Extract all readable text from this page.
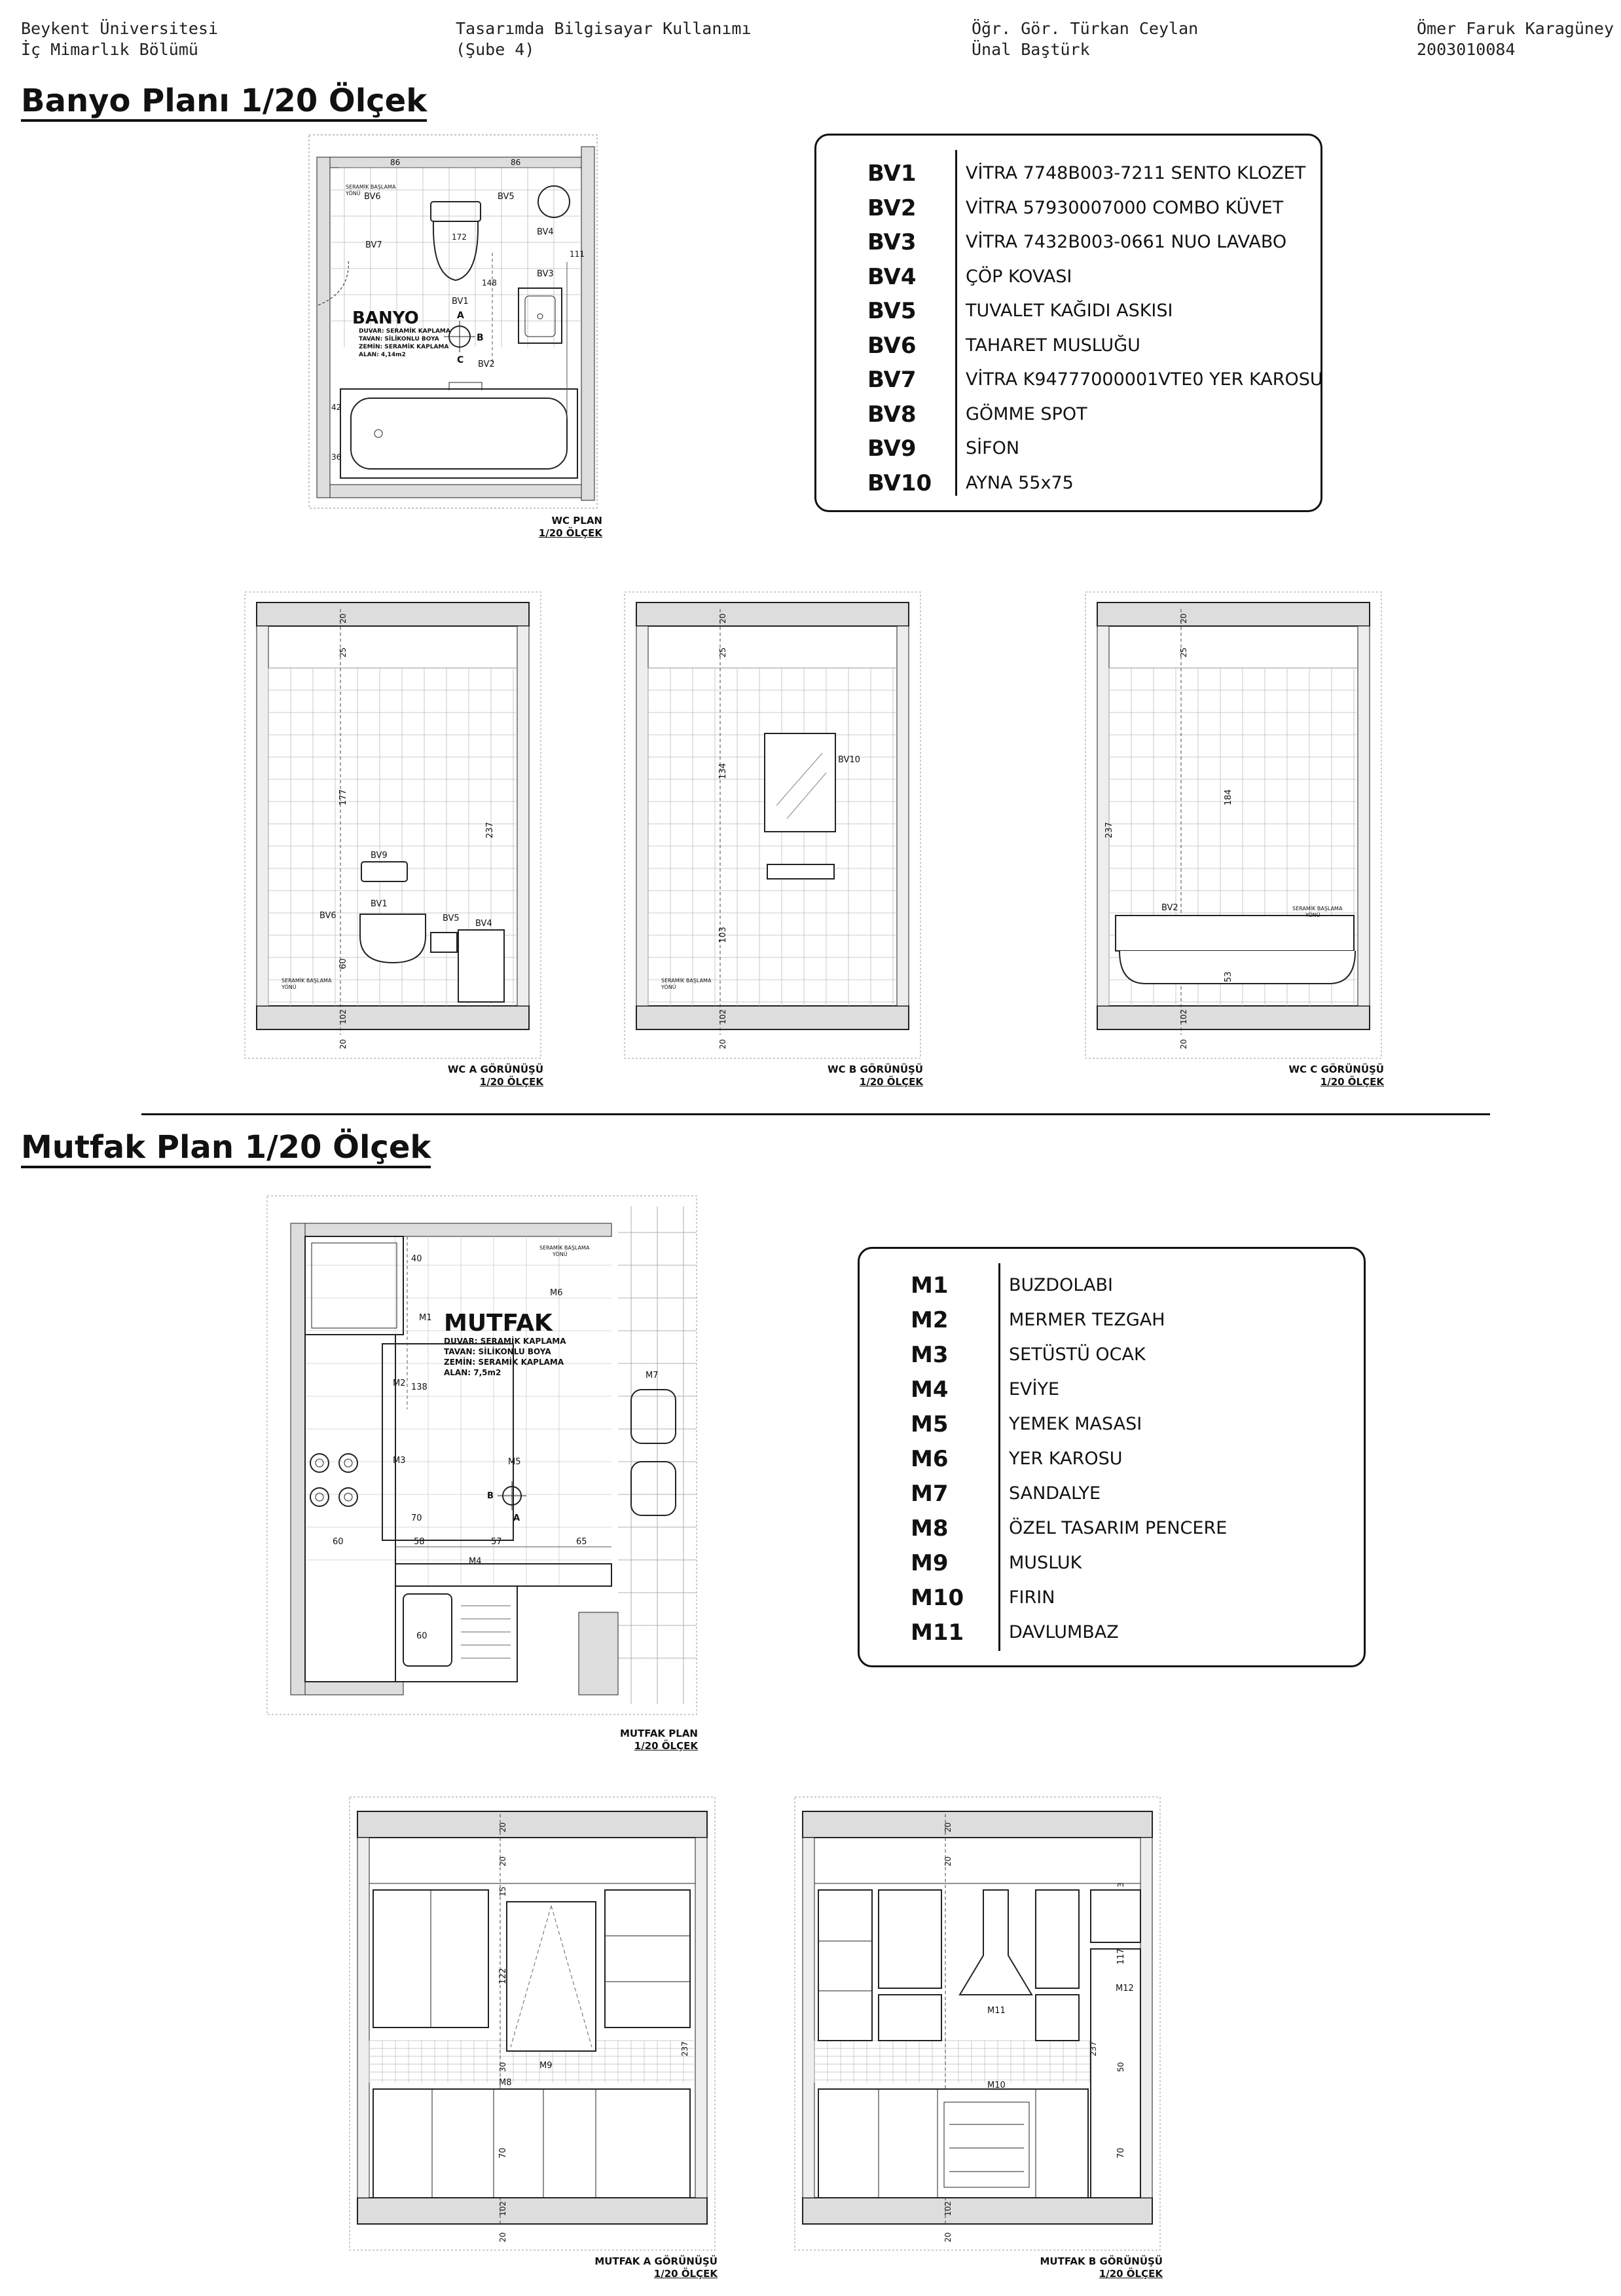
Beykent Üniversitesi
İç Mimarlık Bölümü
Tasarımda Bilgisayar Kullanımı
(Şube 4)
Öğr. Gör. Türkan Ceylan
Ünal Baştürk
Ömer Faruk Karagüney
2003010084
Banyo Planı 1/20 Ölçek
86	86
172
148
111
42
36
SERAMİK BAŞLAMA
YÖNÜ BV6	BV5
BV4
BV3
BV7
BV1
BV2
A
B
C
BANYO
DUVAR: SERAMİK KAPLAMA
TAVAN: SİLİKONLU BOYA
ZEMİN: SERAMİK KAPLAMA
ALAN: 4,14m2
WC PLAN
1/20 ÖLÇEK
BV1	VİTRA 7748B003-7211 SENTO KLOZET
BV2	VİTRA 57930007000 COMBO KÜVET
BV3	VİTRA 7432B003-0661 NUO LAVABO
BV4	ÇÖP KOVASI
BV5	TUVALET KAĞIDI ASKISI
BV6	TAHARET MUSLUĞU
BV7	VİTRA K94777000001VTE0 YER KAROSU
BV8	GÖMME SPOT
BV9	SİFON
BV10 AYNA 55x75
BV9
BV1
BV6	BV5
BV4
177
237
60
20
25
102
20
SERAMİK BAŞLAMA
YÖNÜ
WC A GÖRÜNÜŞÜ
1/20 ÖLÇEK
BV10
134
103
20
25
102
20
SERAMİK BAŞLAMA
YÖNÜ
WC B GÖRÜNÜŞÜ
1/20 ÖLÇEK
BV2
184
237
53
20
25
102
20
SERAMİK BAŞLAMA
YÖNÜ
WC C GÖRÜNÜŞÜ
1/20 ÖLÇEK
Mutfak Plan 1/20 Ölçek
40
138
70
60	58	57	65
60
SERAMİK BAŞLAMA
YÖNÜ
M1
M2
M3
M4
M5
M6
M7
A
B
MUTFAK
DUVAR: SERAMİK KAPLAMA
TAVAN: SİLİKONLU BOYA
ZEMİN: SERAMİK KAPLAMA
ALAN: 7,5m2
MUTFAK PLAN
1/20 ÖLÇEK
M1	BUZDOLABI
M2	MERMER TEZGAH
M3	SETÜSTÜ OCAK
M4	EVİYE
M5	YEMEK MASASI
M6	YER KAROSU
M7	SANDALYE
M8	ÖZEL TASARIM PENCERE
M9	MUSLUK
M10	FIRIN
M11	DAVLUMBAZ
M8
M9
15
122
30
70
20
20
102
20
237
MUTFAK A GÖRÜNÜŞÜ
1/20 ÖLÇEK
M12
M11
M10
3
117
50
70
20
20
102
20
237
MUTFAK B GÖRÜNÜŞÜ
1/20 ÖLÇEK
